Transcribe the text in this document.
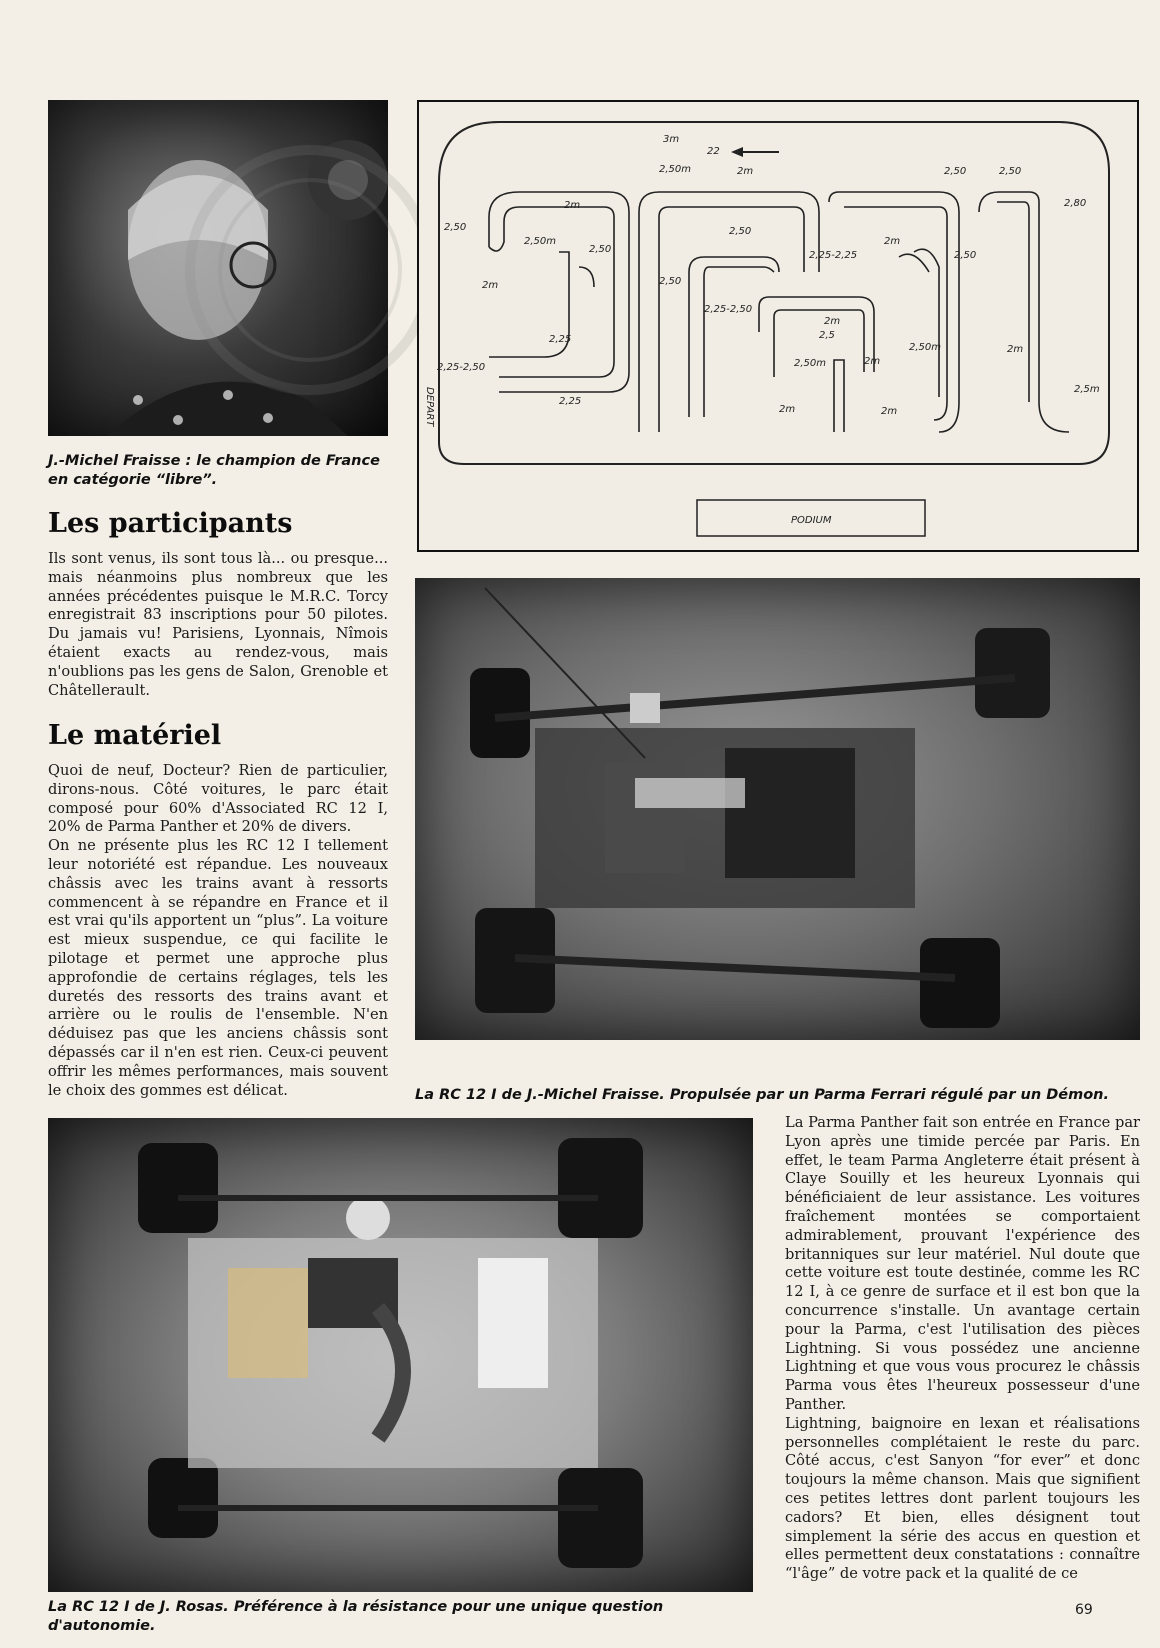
J.-Michel Fraisse : le champion de France en catégorie “libre”.
Les participants

Ils sont venus, ils sont tous là... ou presque... mais néanmoins plus nombreux que les années précédentes puisque le M.R.C. Torcy enregistrait 83 inscriptions pour 50 pilotes. Du jamais vu! Parisiens, Lyonnais, Nîmois étaient exacts au rendez-vous, mais n'oublions pas les gens de Salon, Grenoble et Châtellerault.

Le matériel

Quoi de neuf, Docteur? Rien de particulier, dirons-nous. Côté voitures, le parc était composé pour 60% d'Associated RC 12 I, 20% de Parma Panther et 20% de divers.

On ne présente plus les RC 12 I tellement leur notoriété est répandue. Les nouveaux châssis avec les trains avant à ressorts commencent à se répandre en France et il est vrai qu'ils apportent un “plus”. La voiture est mieux suspendue, ce qui facilite le pilotage et permet une approche plus approfondie de certains réglages, tels les duretés des ressorts des trains avant et arrière ou le roulis de l'ensemble. N'en déduisez pas que les anciens châssis sont dépassés car il n'en est rien. Ceux-ci peuvent offrir les mêmes performances, mais souvent le choix des gommes est délicat.

3m
22
2,80
2m
2,50
2,50m
2,50
2m	2,50
2,50
2,25-2,25	2,50
2m
2,50m
2,25-2,50
2m
2,5
2,25
2m
2,50m
2m
2,25-2,50
2,25
2m	2m
2,50m	2m
2,5m
2,50	2,50
DEPART
PODIUM
La RC 12 I de J.-Michel Fraisse. Propulsée par un Parma Ferrari régulé par un Démon.
La RC 12 I de J. Rosas. Préférence à la résistance pour une unique question d'autonomie.

La Parma Panther fait son entrée en France par Lyon après une timide percée par Paris. En effet, le team Parma Angleterre était présent à Claye Souilly et les heureux Lyonnais qui bénéficiaient de leur assistance. Les voitures fraîchement montées se comportaient admirablement, prouvant l'expérience des britanniques sur leur matériel. Nul doute que cette voiture est toute destinée, comme les RC 12 I, à ce genre de surface et il est bon que la concurrence s'installe. Un avantage certain pour la Parma, c'est l'utilisation des pièces Lightning. Si vous possédez une ancienne Lightning et que vous vous procurez le châssis Parma vous êtes l'heureux possesseur d'une Panther.

Lightning, baignoire en lexan et réalisations personnelles complétaient le reste du parc. Côté accus, c'est Sanyon “for ever” et donc toujours la même chanson. Mais que signifient ces petites lettres dont parlent toujours les cadors? Et bien, elles désignent tout simplement la série des accus en question et elles permettent deux constatations : connaître “l'âge” de votre pack et la qualité de ce

69
